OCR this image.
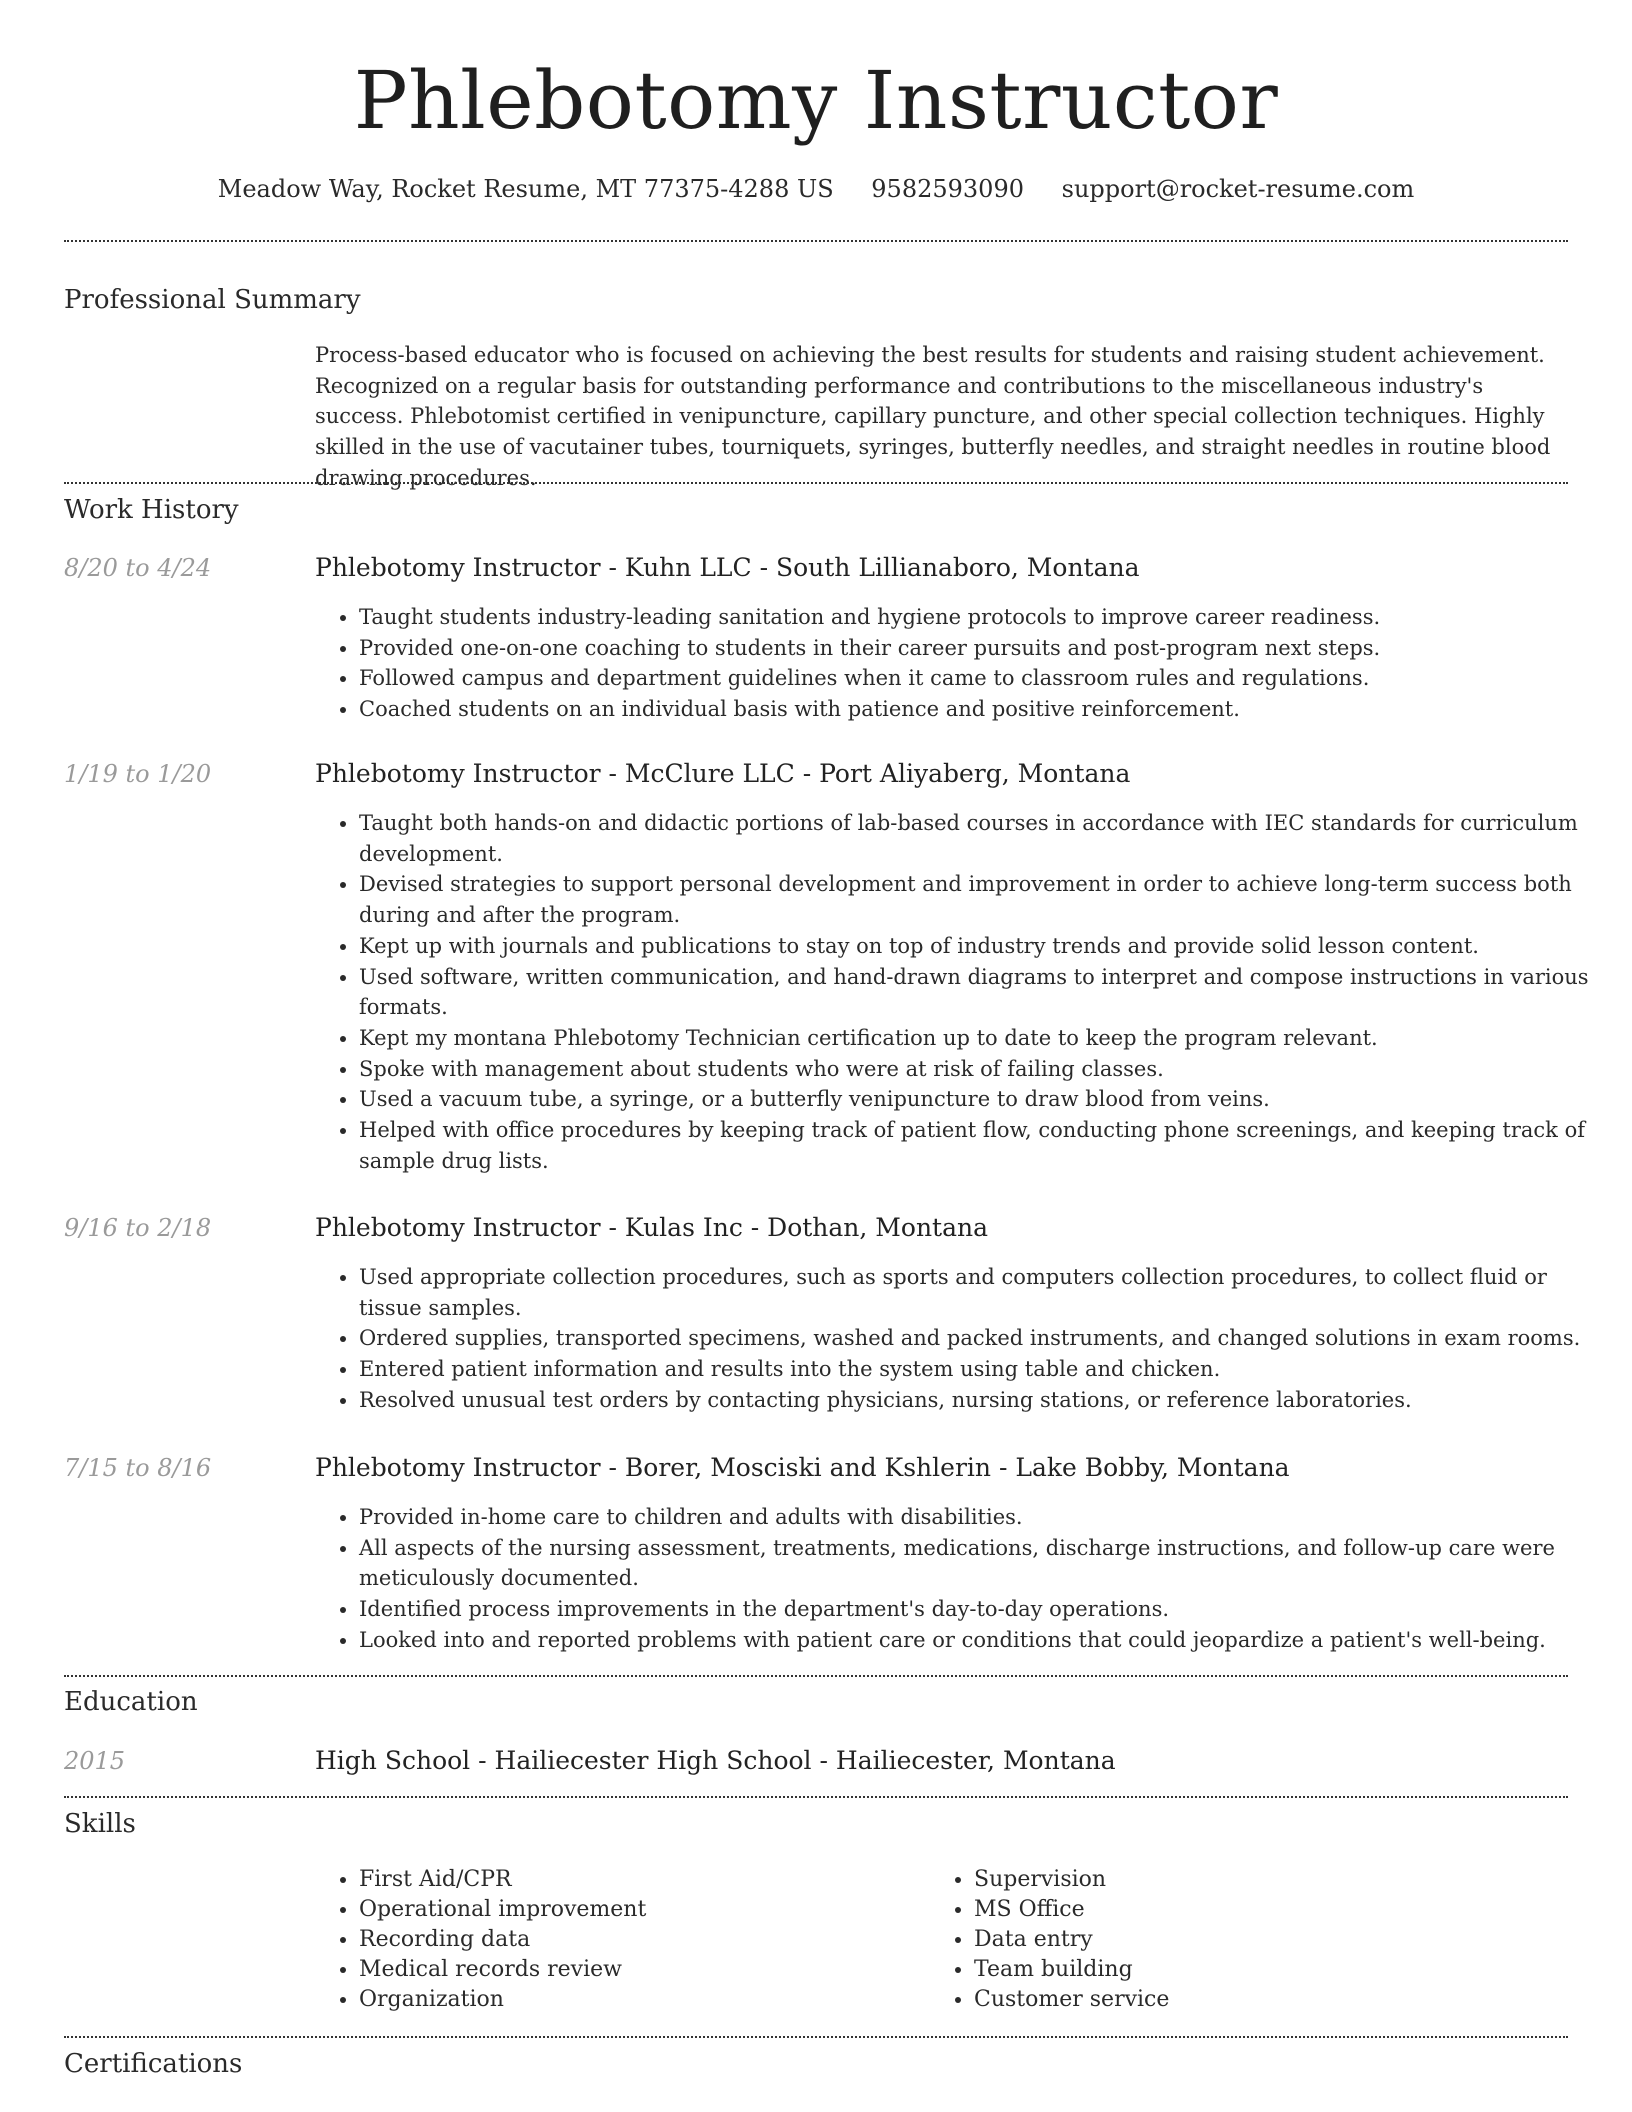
Phlebotomy Instructor
Meadow Way, Rocket Resume, MT 77375-4288 US 9582593090 support@rocket-resume.com
Professional Summary

Process-based educator who is focused on achieving the best results for students and raising student achievement. Recognized on a regular basis for outstanding performance and contributions to the miscellaneous industry's success. Phlebotomist certified in venipuncture, capillary puncture, and other special collection techniques. Highly skilled in the use of vacutainer tubes, tourniquets, syringes, butterfly needles, and straight needles in routine blood drawing procedures.

Work History
8/20 to 4/24	Phlebotomy Instructor - Kuhn LLC - South Lillianaboro, Montana
• Taught students industry-leading sanitation and hygiene protocols to improve career readiness.
• Provided one-on-one coaching to students in their career pursuits and post-program next steps.
• Followed campus and department guidelines when it came to classroom rules and regulations.
• Coached students on an individual basis with patience and positive reinforcement.
1/19 to 1/20	Phlebotomy Instructor - McClure LLC - Port Aliyaberg, Montana
• Taught both hands-on and didactic portions of lab-based courses in accordance with IEC standards for curriculum development.
• Devised strategies to support personal development and improvement in order to achieve long-term success both during and after the program.
• Kept up with journals and publications to stay on top of industry trends and provide solid lesson content.
• Used software, written communication, and hand-drawn diagrams to interpret and compose instructions in various formats.
• Kept my montana Phlebotomy Technician certification up to date to keep the program relevant.
• Spoke with management about students who were at risk of failing classes.
• Used a vacuum tube, a syringe, or a butterfly venipuncture to draw blood from veins.
• Helped with office procedures by keeping track of patient flow, conducting phone screenings, and keeping track of sample drug lists.
9/16 to 2/18	Phlebotomy Instructor - Kulas Inc - Dothan, Montana
• Used appropriate collection procedures, such as sports and computers collection procedures, to collect fluid or tissue samples.
• Ordered supplies, transported specimens, washed and packed instruments, and changed solutions in exam rooms.
• Entered patient information and results into the system using table and chicken.
• Resolved unusual test orders by contacting physicians, nursing stations, or reference laboratories.
7/15 to 8/16	Phlebotomy Instructor - Borer, Mosciski and Kshlerin - Lake Bobby, Montana
• Provided in-home care to children and adults with disabilities.
• All aspects of the nursing assessment, treatments, medications, discharge instructions, and follow-up care were meticulously documented.
• Identified process improvements in the department's day-to-day operations.
• Looked into and reported problems with patient care or conditions that could jeopardize a patient's well-being.
Education
2015	High School - Hailiecester High School - Hailiecester, Montana
Skills
• First Aid/CPR
• Operational improvement
• Recording data
• Medical records review
• Organization
• Supervision
• MS Office
• Data entry
• Team building
• Customer service
Certifications
